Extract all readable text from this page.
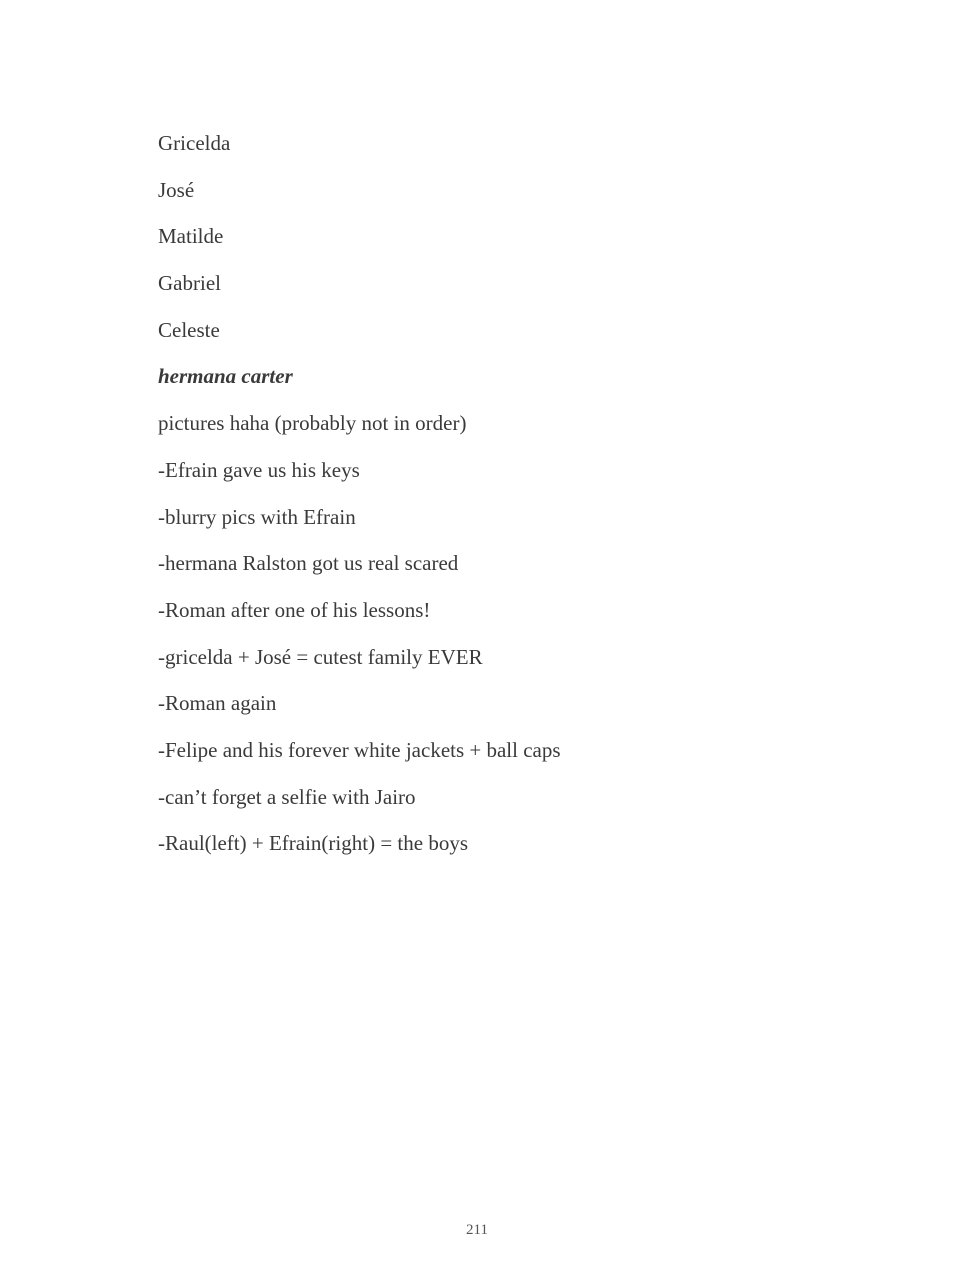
Gricelda
José
Matilde
Gabriel
Celeste
hermana carter
pictures haha (probably not in order)
-Efrain gave us his keys
-blurry pics with Efrain
-hermana Ralston got us real scared
-Roman after one of his lessons!
-gricelda + José = cutest family EVER
-Roman again
-Felipe and his forever white jackets + ball caps
-can’t forget a selfie with Jairo
-Raul(left) + Efrain(right) = the boys
211
